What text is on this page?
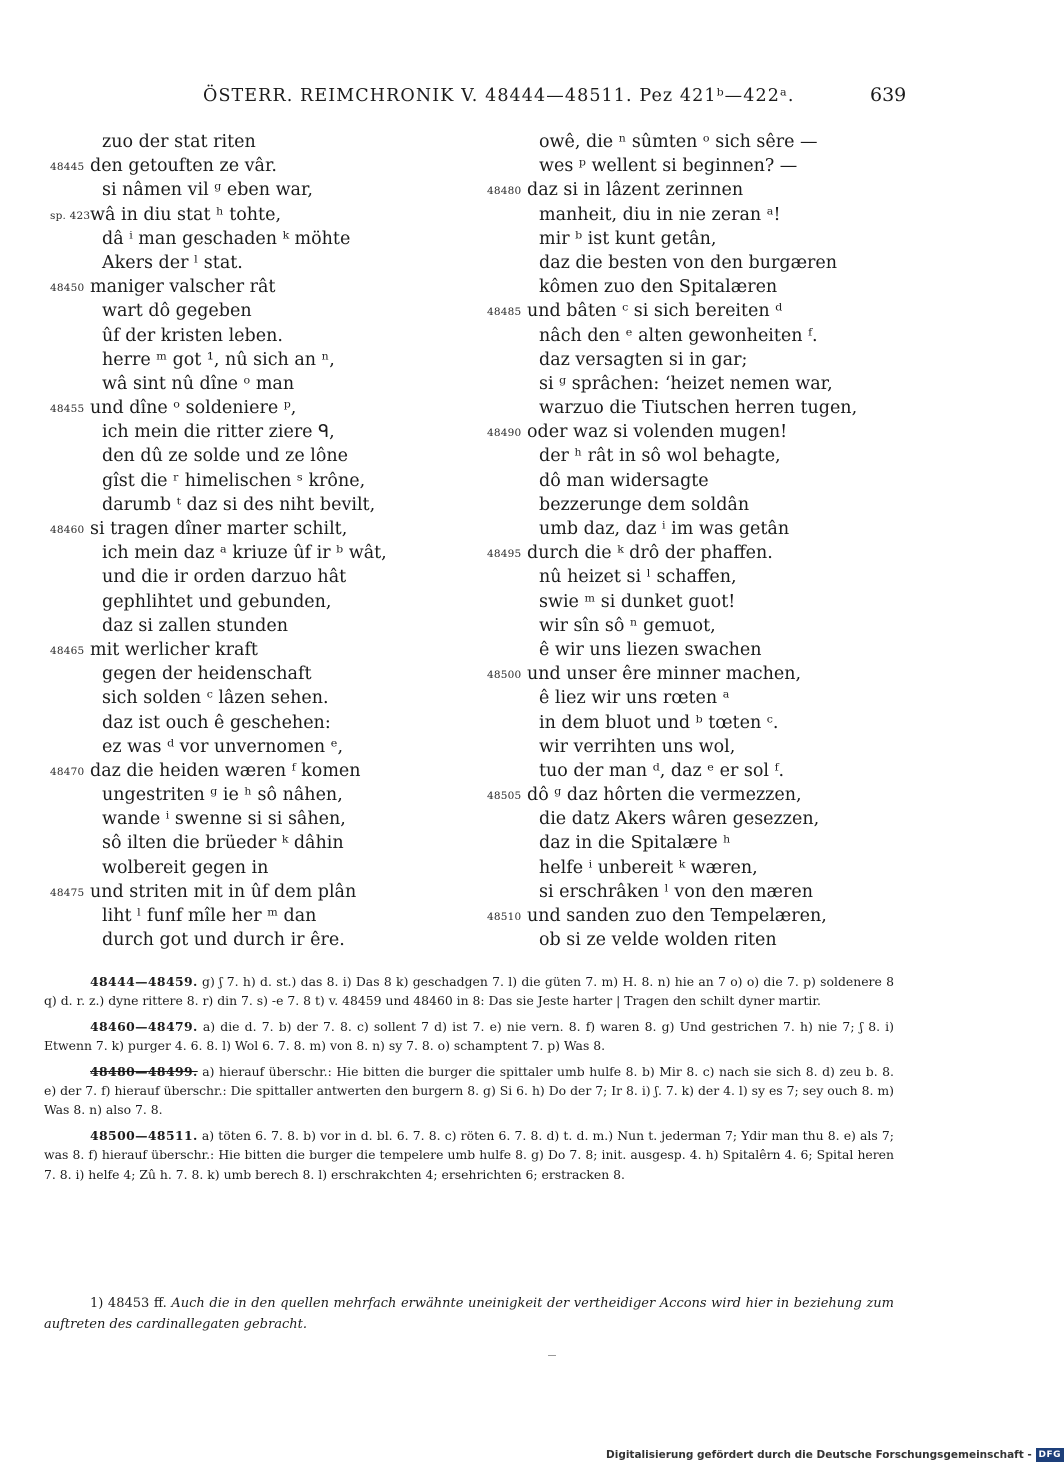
ÖSTERR. REIMCHRONIK V. 48444—48511. Pez 421ᵇ—422ᵃ.	639
zuo der stat riten
48445 den getouften ze vâr.
si nâmen vil ᵍ eben war,
sp. 423 wâ in diu stat ʰ tohte,
dâ ⁱ man geschaden ᵏ möhte
Akers der ˡ stat.
48450 maniger valscher rât
wart dô gegeben
ûf der kristen leben.
herre ᵐ got ¹, nû sich an ⁿ,
wâ sint nû dîne ᵒ man
48455 und dîne ᵒ soldeniere ᵖ,
ich mein die ritter ziere ᑫ,
den dû ze solde und ze lône
gîst die ʳ himelischen ˢ krône,
darumb ᵗ daz si des niht bevilt,
48460 si tragen dîner marter schilt,
ich mein daz ᵃ kriuze ûf ir ᵇ wât,
und die ir orden darzuo hât
gephlihtet und gebunden,
daz si zallen stunden
48465 mit werlicher kraft
gegen der heidenschaft
sich solden ᶜ lâzen sehen.
daz ist ouch ê geschehen:
ez was ᵈ vor unvernomen ᵉ,
48470 daz die heiden wæren ᶠ komen
ungestriten ᵍ ie ʰ sô nâhen,
wande ⁱ swenne si si sâhen,
sô ilten die brüeder ᵏ dâhin
wolbereit gegen in
48475 und striten mit in ûf dem plân
liht ˡ funf mîle her ᵐ dan
durch got und durch ir êre.
owê, die ⁿ sûmten ᵒ sich sêre —
wes ᵖ wellent si beginnen? —
48480 daz si in lâzent zerinnen
manheit, diu in nie zeran ᵃ!
mir ᵇ ist kunt getân,
daz die besten von den burgæren
kômen zuo den Spitalæren
48485 und bâten ᶜ si sich bereiten ᵈ
nâch den ᵉ alten gewonheiten ᶠ.
daz versagten si in gar;
si ᵍ sprâchen: ʻheizet nemen war,
warzuo die Tiutschen herren tugen,
48490 oder waz si volenden mugen!
der ʰ rât in sô wol behagte,
dô man widersagte
bezzerunge dem soldân
umb daz, daz ⁱ im was getân
48495 durch die ᵏ drô der phaffen.
nû heizet si ˡ schaffen,
swie ᵐ si dunket guot!
wir sîn sô ⁿ gemuot,
ê wir uns liezen swachen
48500 und unser êre minner machen,
ê liez wir uns rœten ᵃ
in dem bluot und ᵇ tœten ᶜ.
wir verrihten uns wol,
tuo der man ᵈ, daz ᵉ er sol ᶠ.
48505 dô ᵍ daz hôrten die vermezzen,
die datz Akers wâren gesezzen,
daz in die Spitalære ʰ
helfe ⁱ unbereit ᵏ wæren,
si erschrâken ˡ von den mæren
48510 und sanden zuo den Tempelæren,
ob si ze velde wolden riten
48444—48459. g) ʃ 7. h) d. st.) das 8. i) Das 8 k) geschadgen 7. l) die güten 7. m) H. 8. n) hie an 7 o) o) die 7. p) soldenere 8 q) d. r. z.) dyne rittere 8. r) din 7. s) -e 7. 8 t) v. 48459 und 48460 in 8: Das sie Jeste harter | Tragen den schilt dyner martir.
48460—48479. a) die d. 7. b) der 7. 8. c) sollent 7 d) ist 7. e) nie vern. 8. f) waren 8. g) Und gestrichen 7. h) nie 7; ʃ 8. i) Etwenn 7. k) purger 4. 6. 8. l) Wol 6. 7. 8. m) von 8. n) sy 7. 8. o) schamptent 7. p) Was 8.
48480—48499. a) hierauf überschr.: Hie bitten die burger die spittaler umb hulfe 8. b) Mir 8. c) nach sie sich 8. d) zeu b. 8. e) der 7. f) hierauf überschr.: Die spittaller antwerten den burgern 8. g) Si 6. h) Do der 7; Ir 8. i) ʃ. 7. k) der 4. l) sy es 7; sey ouch 8. m) Was 8. n) also 7. 8.
48500—48511. a) töten 6. 7. 8. b) vor in d. bl. 6. 7. 8. c) röten 6. 7. 8. d) t. d. m.) Nun t. jederman 7; Ydir man thu 8. e) als 7; was 8. f) hierauf überschr.: Hie bitten die burger die tempelere umb hulfe 8. g) Do 7. 8; init. ausgesp. 4. h) Spitalêrn 4. 6; Spital heren 7. 8. i) helfe 4; Zû h. 7. 8. k) umb berech 8. l) erschrakchten 4; ersehrichten 6; erstracken 8.
1) 48453 ff. Auch die in den quellen mehrfach erwähnte uneinigkeit der vertheidiger Accons wird hier in beziehung zum auftreten des cardinallegaten gebracht.
Digitalisierung gefördert durch die Deutsche Forschungsgemeinschaft - DFG
